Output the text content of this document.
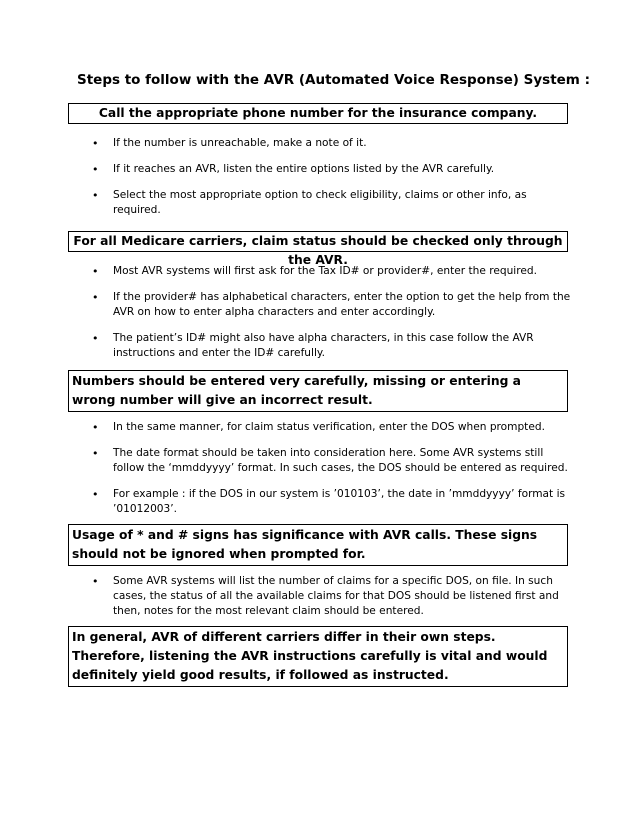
Steps to follow with the AVR (Automated Voice Response) System :
Call the appropriate phone number for the insurance company.
• If the number is unreachable, make a note of it.
• If it reaches an AVR, listen the entire options listed by the AVR carefully.
• Select the most appropriate option to check eligibility, claims or other info, as required.
For all Medicare carriers, claim status should be checked only through the AVR.
• Most AVR systems will first ask for the Tax ID# or provider#, enter the required.
• If the provider# has alphabetical characters, enter the option to get the help from the AVR on how to enter alpha characters and enter accordingly.
• The patient’s ID# might also have alpha characters, in this case follow the AVR instructions and enter the ID# carefully.
Numbers should be entered very carefully, missing or entering a wrong number will give an incorrect result.
• In the same manner, for claim status verification, enter the DOS when prompted.
• The date format should be taken into consideration here. Some AVR systems still follow the ‘mmddyyyy’ format. In such cases, the DOS should be entered as required.
• For example : if the DOS in our system is ’010103’, the date in ’mmddyyyy’ format is ’01012003’.
Usage of * and # signs has significance with AVR calls. These signs should not be ignored when prompted for.
• Some AVR systems will list the number of claims for a specific DOS, on file. In such cases, the status of all the available claims for that DOS should be listened first and then, notes for the most relevant claim should be entered.
In general, AVR of different carriers differ in their own steps. Therefore, listening the AVR instructions carefully is vital and would definitely yield good results, if followed as instructed.
